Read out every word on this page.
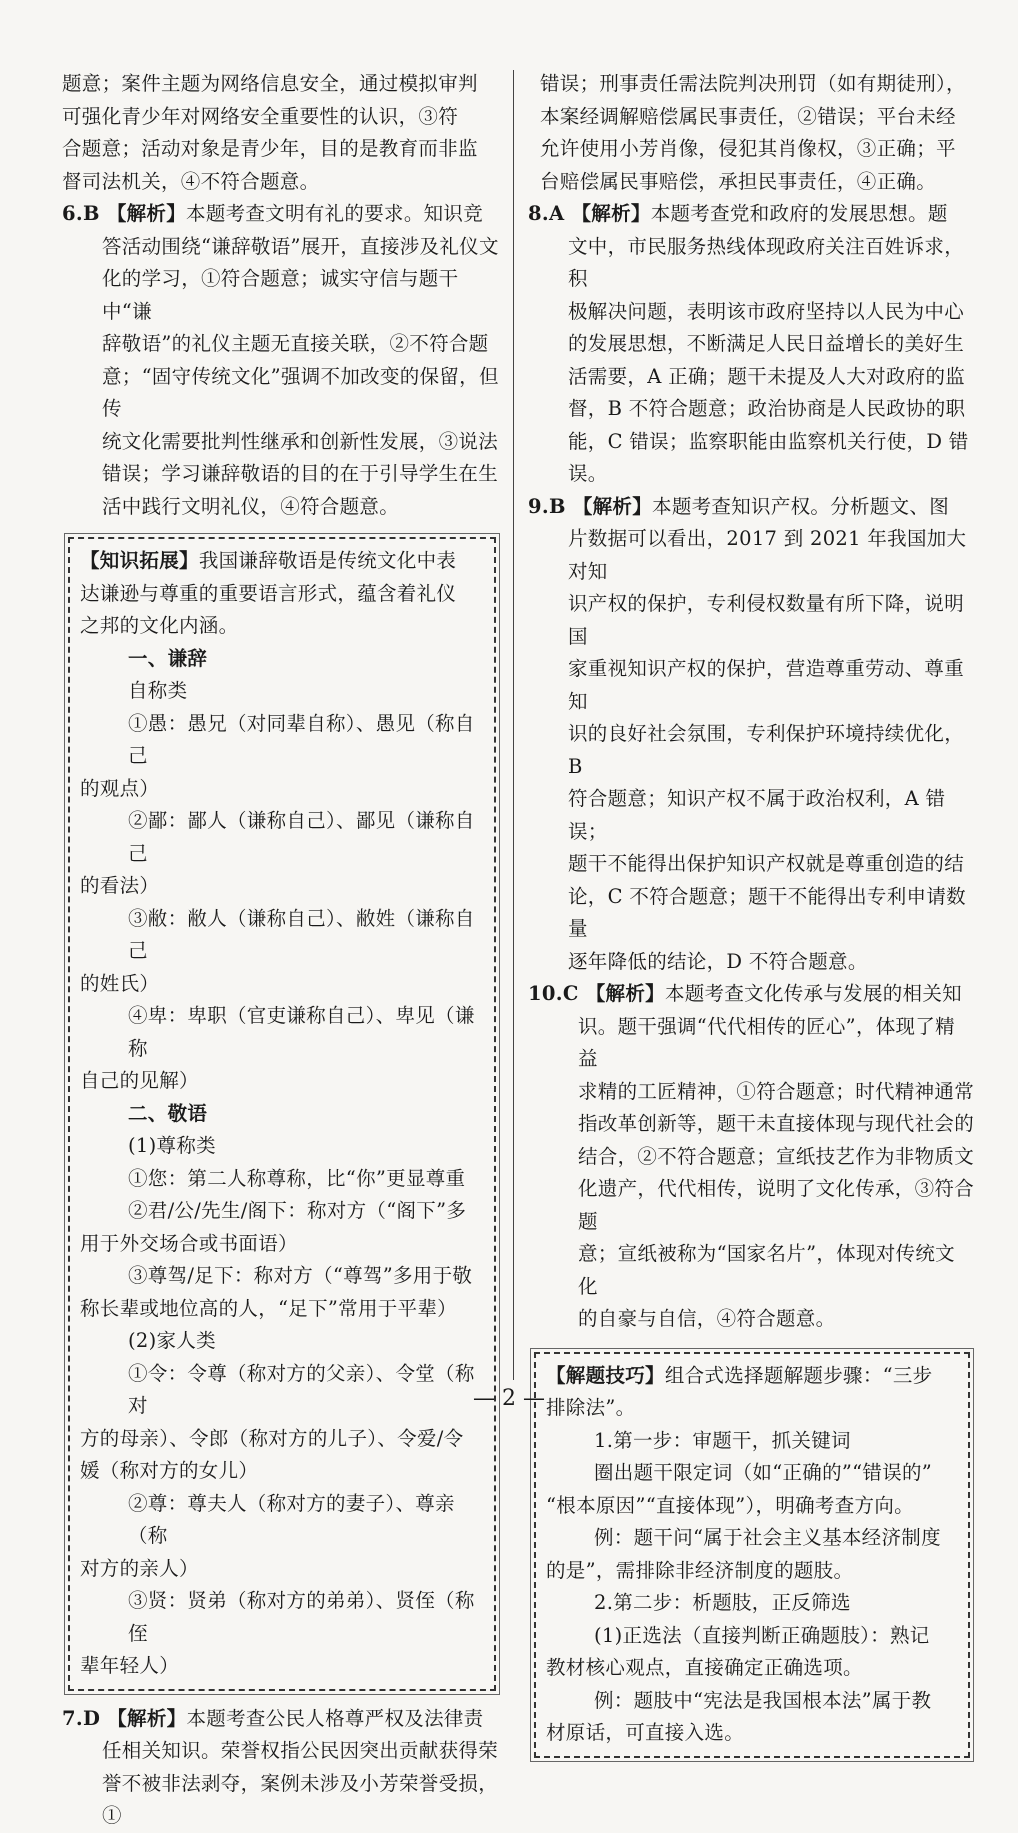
题意；案件主题为网络信息安全，通过模拟审判

可强化青少年对网络安全重要性的认识，③符

合题意；活动对象是青少年，目的是教育而非监

督司法机关，④不符合题意。

6.B 【解析】本题考查文明有礼的要求。知识竞

答活动围绕“谦辞敬语”展开，直接涉及礼仪文

化的学习，①符合题意；诚实守信与题干中“谦

辞敬语”的礼仪主题无直接关联，②不符合题

意；“固守传统文化”强调不加改变的保留，但传

统文化需要批判性继承和创新性发展，③说法

错误；学习谦辞敬语的目的在于引导学生在生

活中践行文明礼仪，④符合题意。

【知识拓展】我国谦辞敬语是传统文化中表

达谦逊与尊重的重要语言形式，蕴含着礼仪

之邦的文化内涵。

一、谦辞

自称类

①愚：愚兄（对同辈自称）、愚见（称自己

的观点）

②鄙：鄙人（谦称自己）、鄙见（谦称自己

的看法）

③敝：敝人（谦称自己）、敝姓（谦称自己

的姓氏）

④卑：卑职（官吏谦称自己）、卑见（谦称

自己的见解）

二、敬语

(1)尊称类

①您：第二人称尊称，比“你”更显尊重

②君/公/先生/阁下：称对方（“阁下”多

用于外交场合或书面语）

③尊驾/足下：称对方（“尊驾”多用于敬

称长辈或地位高的人，“足下”常用于平辈）

(2)家人类

①令：令尊（称对方的父亲）、令堂（称对

方的母亲）、令郎（称对方的儿子）、令爱/令

媛（称对方的女儿）

②尊：尊夫人（称对方的妻子）、尊亲（称

对方的亲人）

③贤：贤弟（称对方的弟弟）、贤侄（称侄

辈年轻人）

7.D 【解析】本题考查公民人格尊严权及法律责

任相关知识。荣誉权指公民因突出贡献获得荣

誉不被非法剥夺，案例未涉及小芳荣誉受损，①

错误；刑事责任需法院判决刑罚（如有期徒刑），

本案经调解赔偿属民事责任，②错误；平台未经

允许使用小芳肖像，侵犯其肖像权，③正确；平

台赔偿属民事赔偿，承担民事责任，④正确。

8.A 【解析】本题考查党和政府的发展思想。题

文中，市民服务热线体现政府关注百姓诉求，积

极解决问题，表明该市政府坚持以人民为中心

的发展思想，不断满足人民日益增长的美好生

活需要，A 正确；题干未提及人大对政府的监

督，B 不符合题意；政治协商是人民政协的职

能，C 错误；监察职能由监察机关行使，D 错误。

9.B 【解析】本题考查知识产权。分析题文、图

片数据可以看出，2017 到 2021 年我国加大对知

识产权的保护，专利侵权数量有所下降，说明国

家重视知识产权的保护，营造尊重劳动、尊重知

识的良好社会氛围，专利保护环境持续优化，B

符合题意；知识产权不属于政治权利，A 错误；

题干不能得出保护知识产权就是尊重创造的结

论，C 不符合题意；题干不能得出专利申请数量

逐年降低的结论，D 不符合题意。

10.C 【解析】本题考查文化传承与发展的相关知

识。题干强调“代代相传的匠心”，体现了精益

求精的工匠精神，①符合题意；时代精神通常

指改革创新等，题干未直接体现与现代社会的

结合，②不符合题意；宣纸技艺作为非物质文

化遗产，代代相传，说明了文化传承，③符合题

意；宣纸被称为“国家名片”，体现对传统文化

的自豪与自信，④符合题意。

【解题技巧】组合式选择题解题步骤：“三步

排除法”。

1.第一步：审题干，抓关键词

圈出题干限定词（如“正确的”“错误的”

“根本原因”“直接体现”），明确考查方向。

例：题干问“属于社会主义基本经济制度

的是”，需排除非经济制度的题肢。

2.第二步：析题肢，正反筛选

(1)正选法（直接判断正确题肢）：熟记

教材核心观点，直接确定正确选项。

例：题肢中“宪法是我国根本法”属于教

材原话，可直接入选。

— 2 —
